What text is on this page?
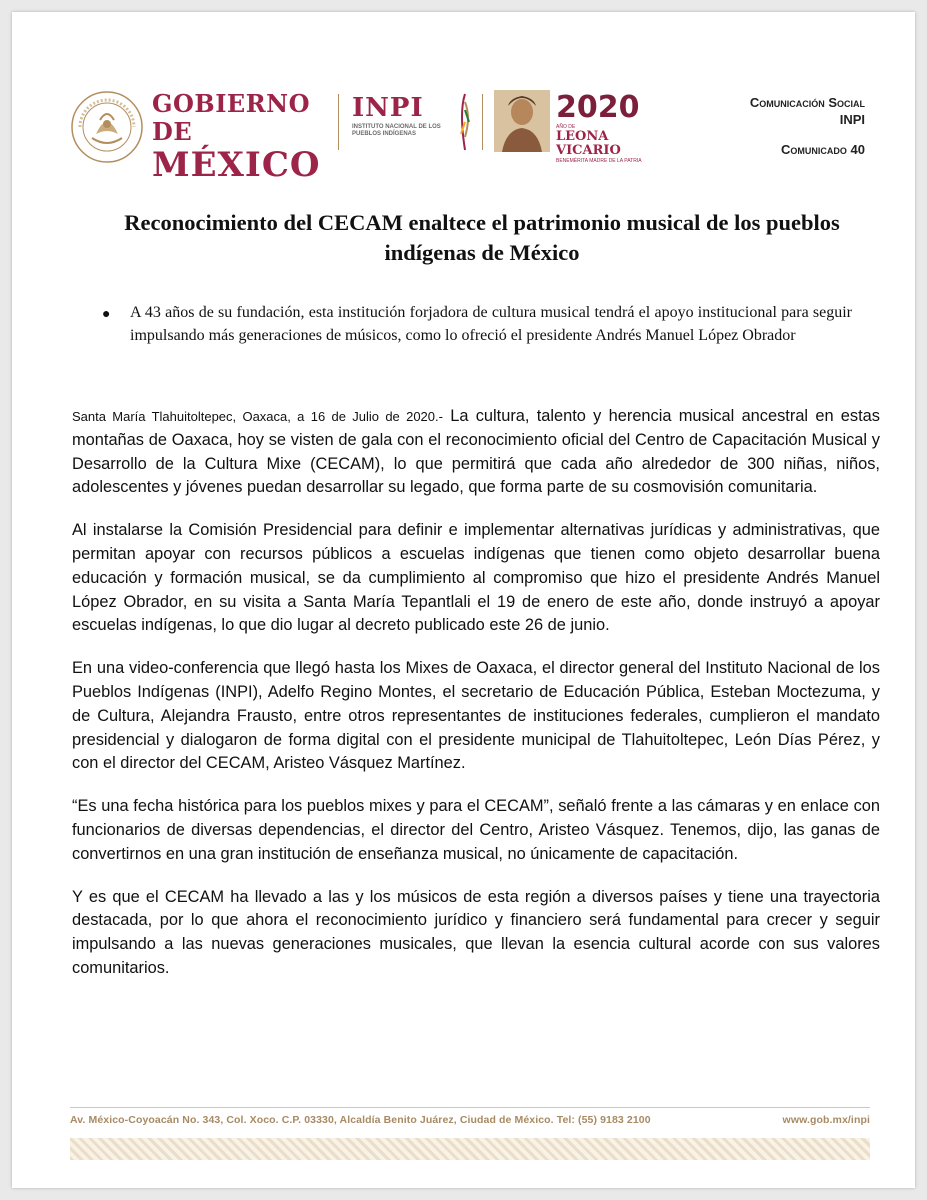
GOBIERNO DE
MÉXICO
INPI
INSTITUTO NACIONAL DE LOS PUEBLOS INDÍGENAS
2020
AÑO DE
LEONA VICARIO
BENEMÉRITA MADRE DE LA PATRIA
Comunicación Social
INPI
Comunicado 40
Reconocimiento del CECAM enaltece el patrimonio musical de los pueblos indígenas de México
● A 43 años de su fundación, esta institución forjadora de cultura musical tendrá el apoyo institucional para seguir impulsando más generaciones de músicos, como lo ofreció el presidente Andrés Manuel López Obrador

Santa María Tlahuitoltepec, Oaxaca, a 16 de Julio de 2020.- La cultura, talento y herencia musical ancestral en estas montañas de Oaxaca, hoy se visten de gala con el reconocimiento oficial del Centro de Capacitación Musical y Desarrollo de la Cultura Mixe (CECAM), lo que permitirá que cada año alrededor de 300 niñas, niños, adolescentes y jóvenes puedan desarrollar su legado, que forma parte de su cosmovisión comunitaria.

Al instalarse la Comisión Presidencial para definir e implementar alternativas jurídicas y administrativas, que permitan apoyar con recursos públicos a escuelas indígenas que tienen como objeto desarrollar buena educación y formación musical, se da cumplimiento al compromiso que hizo el presidente Andrés Manuel López Obrador, en su visita a Santa María Tepantlali el 19 de enero de este año, donde instruyó a apoyar escuelas indígenas, lo que dio lugar al decreto publicado este 26 de junio.

En una video-conferencia que llegó hasta los Mixes de Oaxaca, el director general del Instituto Nacional de los Pueblos Indígenas (INPI), Adelfo Regino Montes, el secretario de Educación Pública, Esteban Moctezuma, y de Cultura, Alejandra Frausto, entre otros representantes de instituciones federales, cumplieron el mandato presidencial y dialogaron de forma digital con el presidente municipal de Tlahuitoltepec, León Días Pérez, y con el director del CECAM, Aristeo Vásquez Martínez.

“Es una fecha histórica para los pueblos mixes y para el CECAM”, señaló frente a las cámaras y en enlace con funcionarios de diversas dependencias, el director del Centro, Aristeo Vásquez. Tenemos, dijo, las ganas de convertirnos en una gran institución de enseñanza musical, no únicamente de capacitación.

Y es que el CECAM ha llevado a las y los músicos de esta región a diversos países y tiene una trayectoria destacada, por lo que ahora el reconocimiento jurídico y financiero será fundamental para crecer y seguir impulsando a las nuevas generaciones musicales, que llevan la esencia cultural acorde con sus valores comunitarios.

Av. México-Coyoacán No. 343, Col. Xoco. C.P. 03330, Alcaldía Benito Juárez, Ciudad de México. Tel: (55) 9183 2100	www.gob.mx/inpi
